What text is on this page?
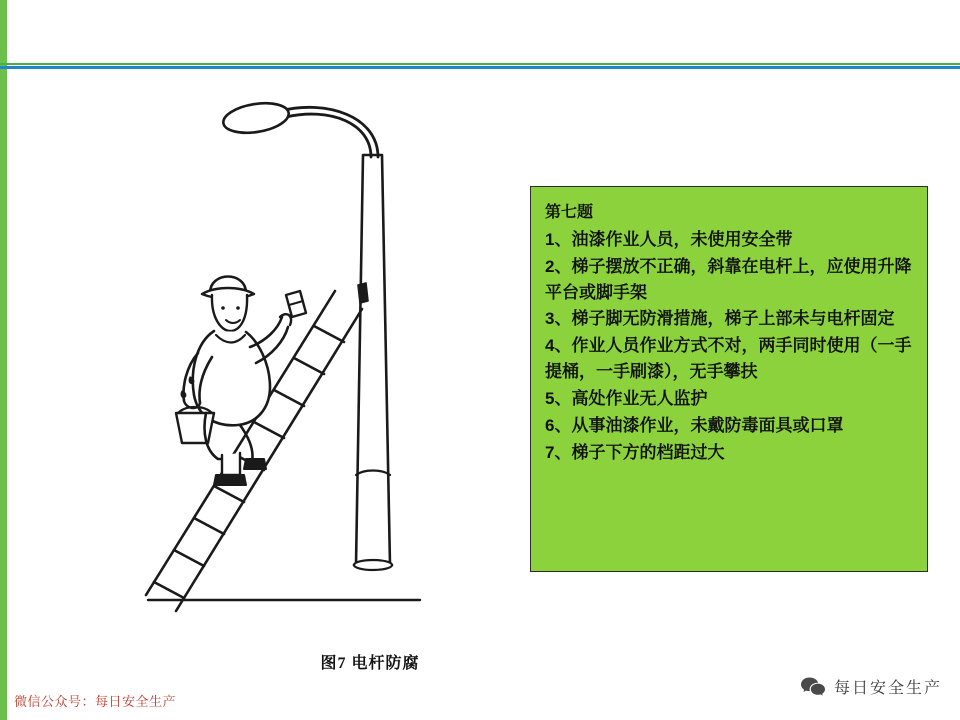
图7 电杆防腐
第七题
1、油漆作业人员，未使用安全带
2、梯子摆放不正确，斜靠在电杆上，应使用升降平台或脚手架
3、梯子脚无防滑措施，梯子上部未与电杆固定
4、作业人员作业方式不对，两手同时使用（一手提桶，一手刷漆），无手攀扶
5、高处作业无人监护
6、从事油漆作业，未戴防毒面具或口罩
7、梯子下方的档距过大
微信公众号：每日安全生产
每日安全生产
